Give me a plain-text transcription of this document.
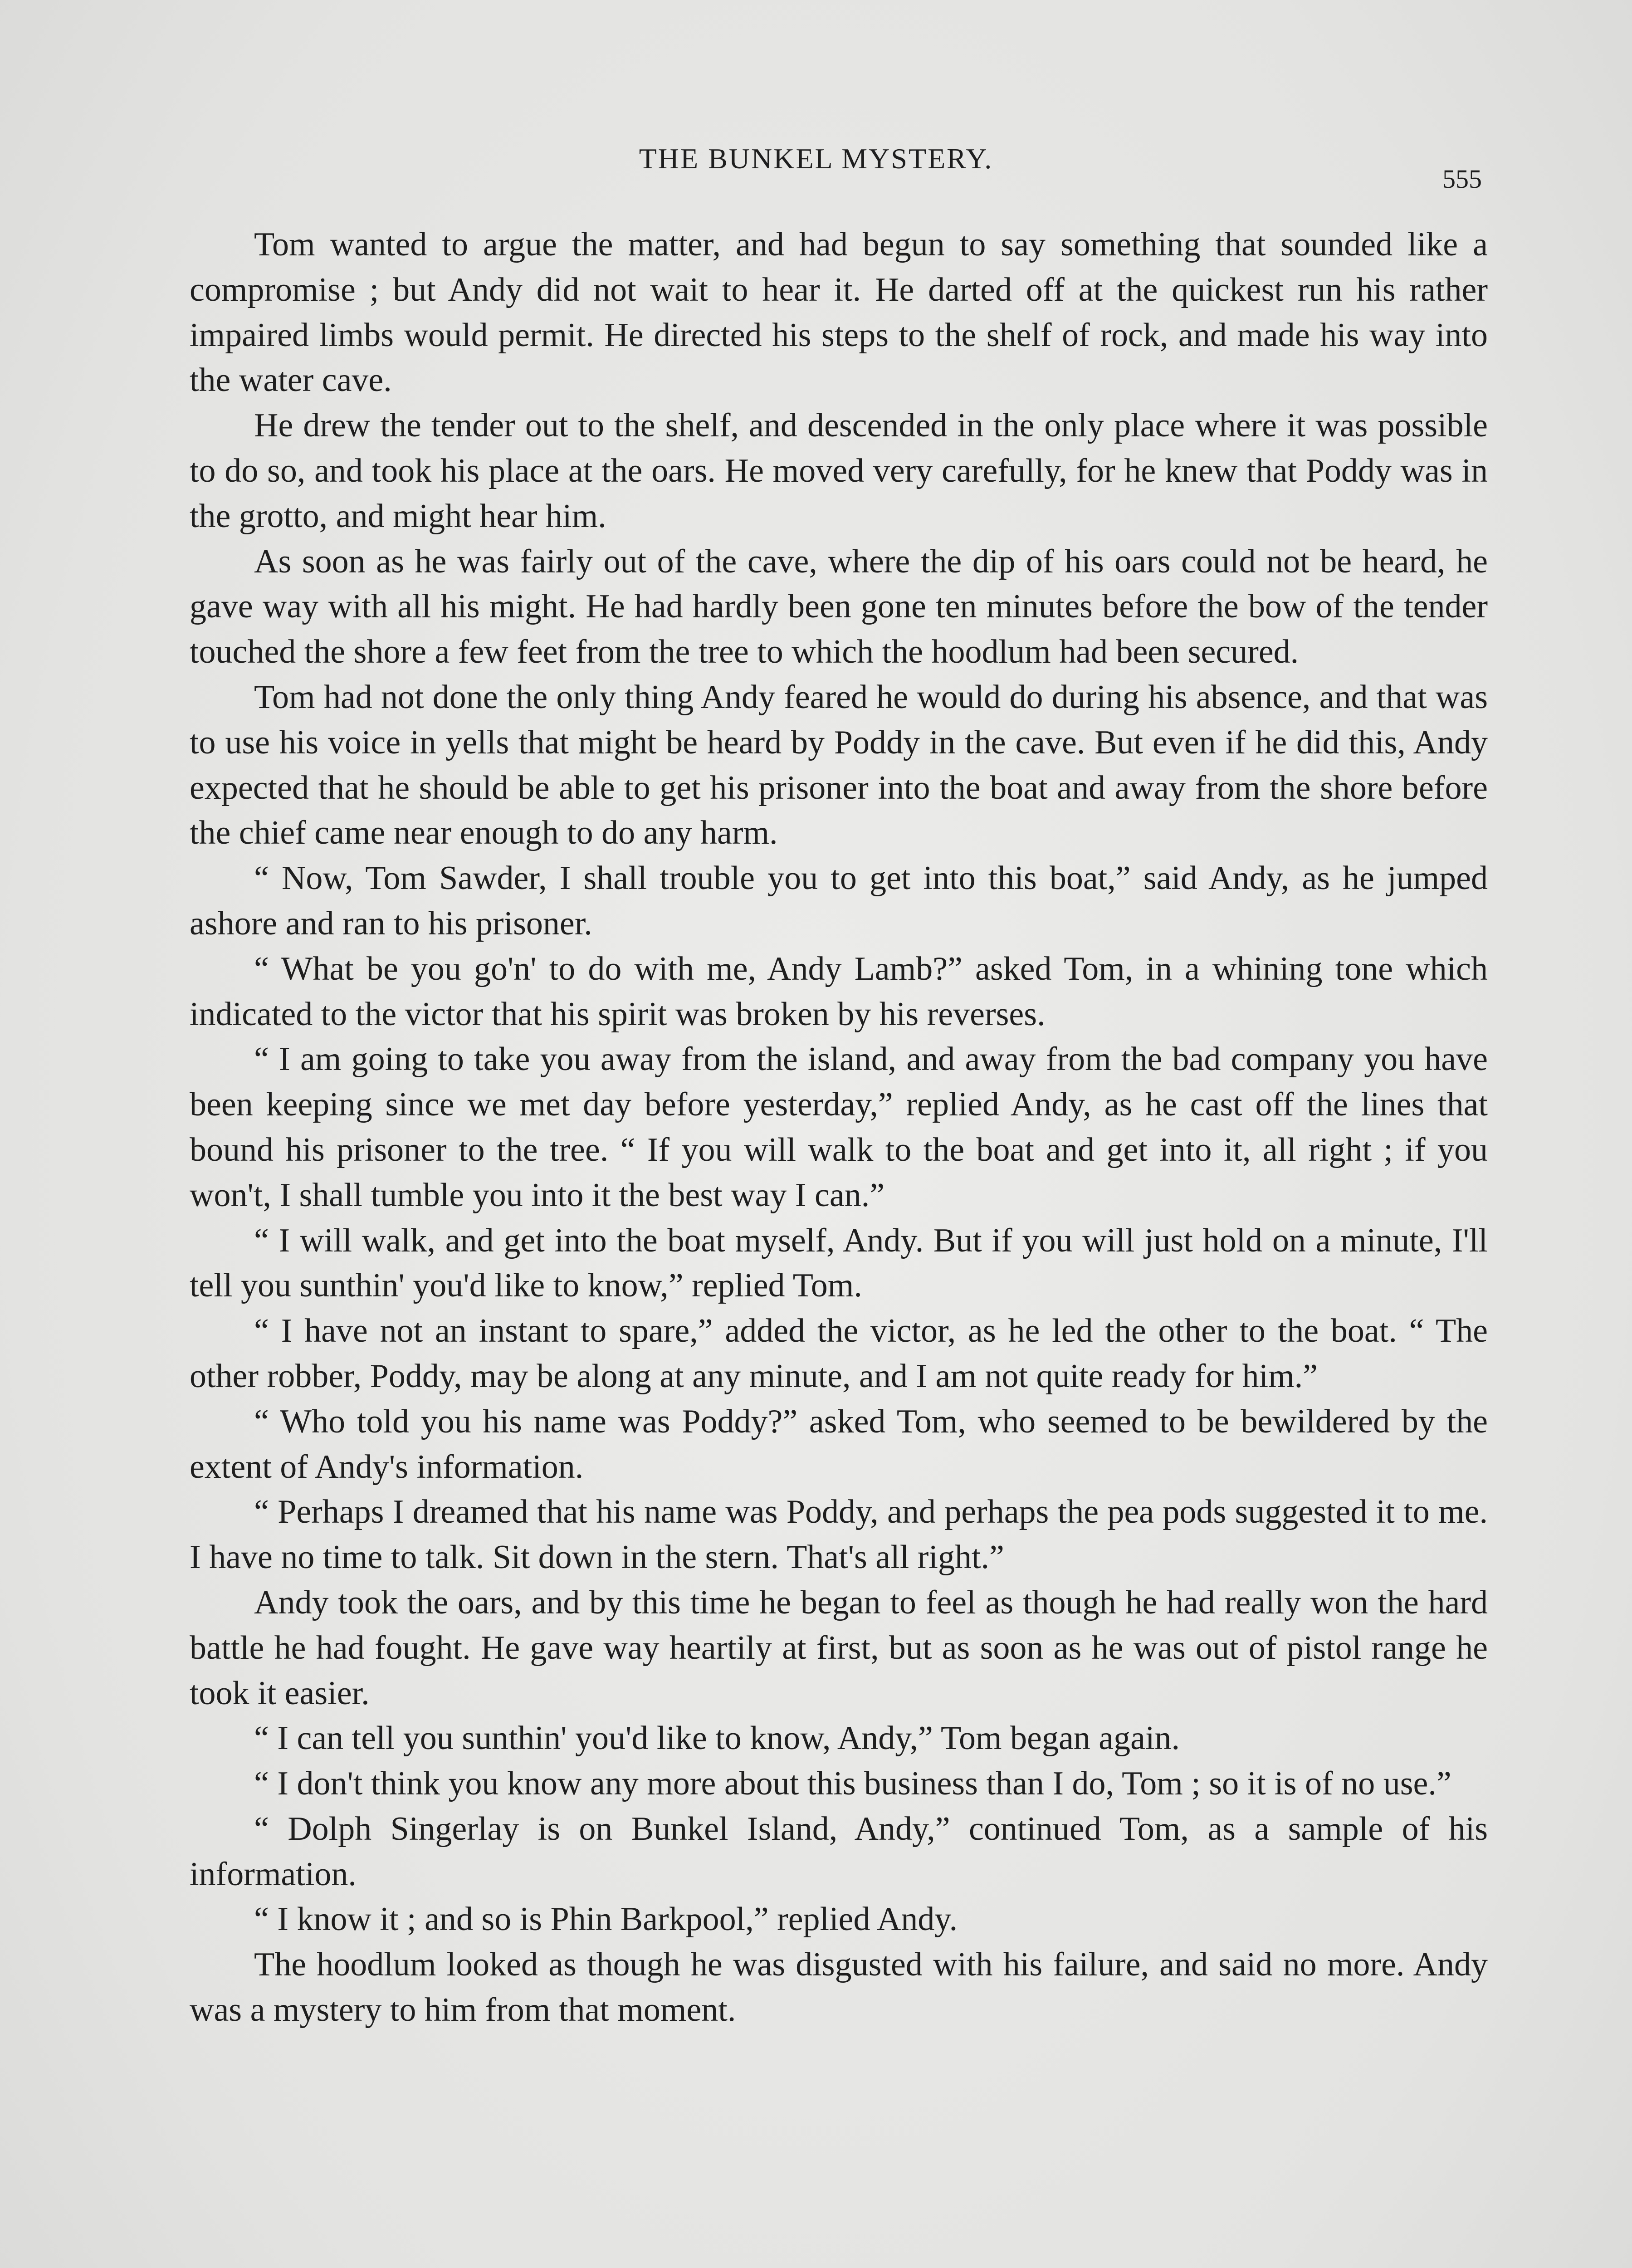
THE BUNKEL MYSTERY.
555

Tom wanted to argue the matter, and had begun to say something that sounded like a compromise ; but Andy did not wait to hear it. He darted off at the quickest run his rather impaired limbs would permit. He directed his steps to the shelf of rock, and made his way into the water cave.

He drew the tender out to the shelf, and descended in the only place where it was possible to do so, and took his place at the oars. He moved very carefully, for he knew that Poddy was in the grotto, and might hear him.

As soon as he was fairly out of the cave, where the dip of his oars could not be heard, he gave way with all his might. He had hardly been gone ten minutes before the bow of the tender touched the shore a few feet from the tree to which the hoodlum had been secured.

Tom had not done the only thing Andy feared he would do during his absence, and that was to use his voice in yells that might be heard by Poddy in the cave. But even if he did this, Andy expected that he should be able to get his prisoner into the boat and away from the shore before the chief came near enough to do any harm.

“ Now, Tom Sawder, I shall trouble you to get into this boat,” said Andy, as he jumped ashore and ran to his prisoner.

“ What be you go'n' to do with me, Andy Lamb?” asked Tom, in a whining tone which indicated to the victor that his spirit was broken by his reverses.

“ I am going to take you away from the island, and away from the bad company you have been keeping since we met day before yesterday,” replied Andy, as he cast off the lines that bound his prisoner to the tree. “ If you will walk to the boat and get into it, all right ; if you won't, I shall tumble you into it the best way I can.”

“ I will walk, and get into the boat myself, Andy. But if you will just hold on a minute, I'll tell you sunthin' you'd like to know,” replied Tom.

“ I have not an instant to spare,” added the victor, as he led the other to the boat. “ The other robber, Poddy, may be along at any minute, and I am not quite ready for him.”

“ Who told you his name was Poddy?” asked Tom, who seemed to be bewildered by the extent of Andy's information.

“ Perhaps I dreamed that his name was Poddy, and perhaps the pea pods suggested it to me. I have no time to talk. Sit down in the stern. That's all right.”

Andy took the oars, and by this time he began to feel as though he had really won the hard battle he had fought. He gave way heartily at first, but as soon as he was out of pistol range he took it easier.

“ I can tell you sunthin' you'd like to know, Andy,” Tom began again.

“ I don't think you know any more about this business than I do, Tom ; so it is of no use.”

“ Dolph Singerlay is on Bunkel Island, Andy,” continued Tom, as a sample of his information.

“ I know it ; and so is Phin Barkpool,” replied Andy.

The hoodlum looked as though he was disgusted with his failure, and said no more. Andy was a mystery to him from that moment.
